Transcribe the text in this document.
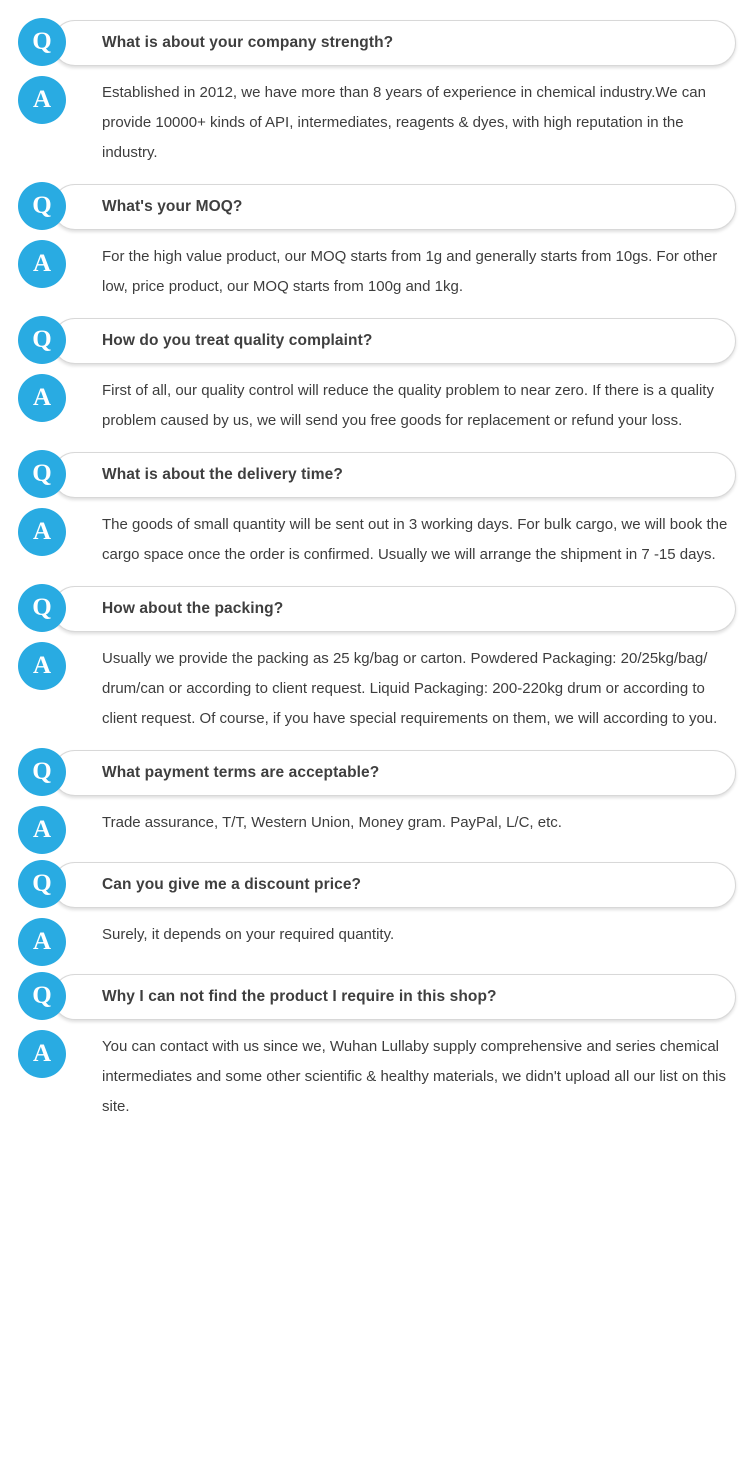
Q	What is about your company strength?
A	Established in 2012, we have more than 8 years of experience in chemical industry.We can provide 10000+ kinds of API, intermediates, reagents & dyes, with high reputation in the industry.
Q	What's your MOQ?
A	For the high value product, our MOQ starts from 1g and generally starts from 10gs. For other low, price product, our MOQ starts from 100g and 1kg.
Q	How do you treat quality complaint?
A	First of all, our quality control will reduce the quality problem to near zero. If there is a quality problem caused by us, we will send you free goods for replacement or refund your loss.
Q	What is about the delivery time?
A	The goods of small quantity will be sent out in 3 working days. For bulk cargo, we will book the cargo space once the order is confirmed. Usually we will arrange the shipment in 7 -15 days.
Q	How about the packing?
A	Usually we provide the packing as 25 kg/bag or carton. Powdered Packaging: 20/25kg/bag/ drum/can or according to client request. Liquid Packaging: 200-220kg drum or according to client request. Of course, if you have special requirements on them, we will according to you.
Q	What payment terms are acceptable?
A	Trade assurance, T/T, Western Union, Money gram. PayPal, L/C, etc.
Q	Can you give me a discount price?
A	Surely, it depends on your required quantity.
Q	Why I can not find the product I require in this shop?
A	You can contact with us since we, Wuhan Lullaby supply comprehensive and series chemical intermediates and some other scientific & healthy materials, we didn't upload all our list on this site.
